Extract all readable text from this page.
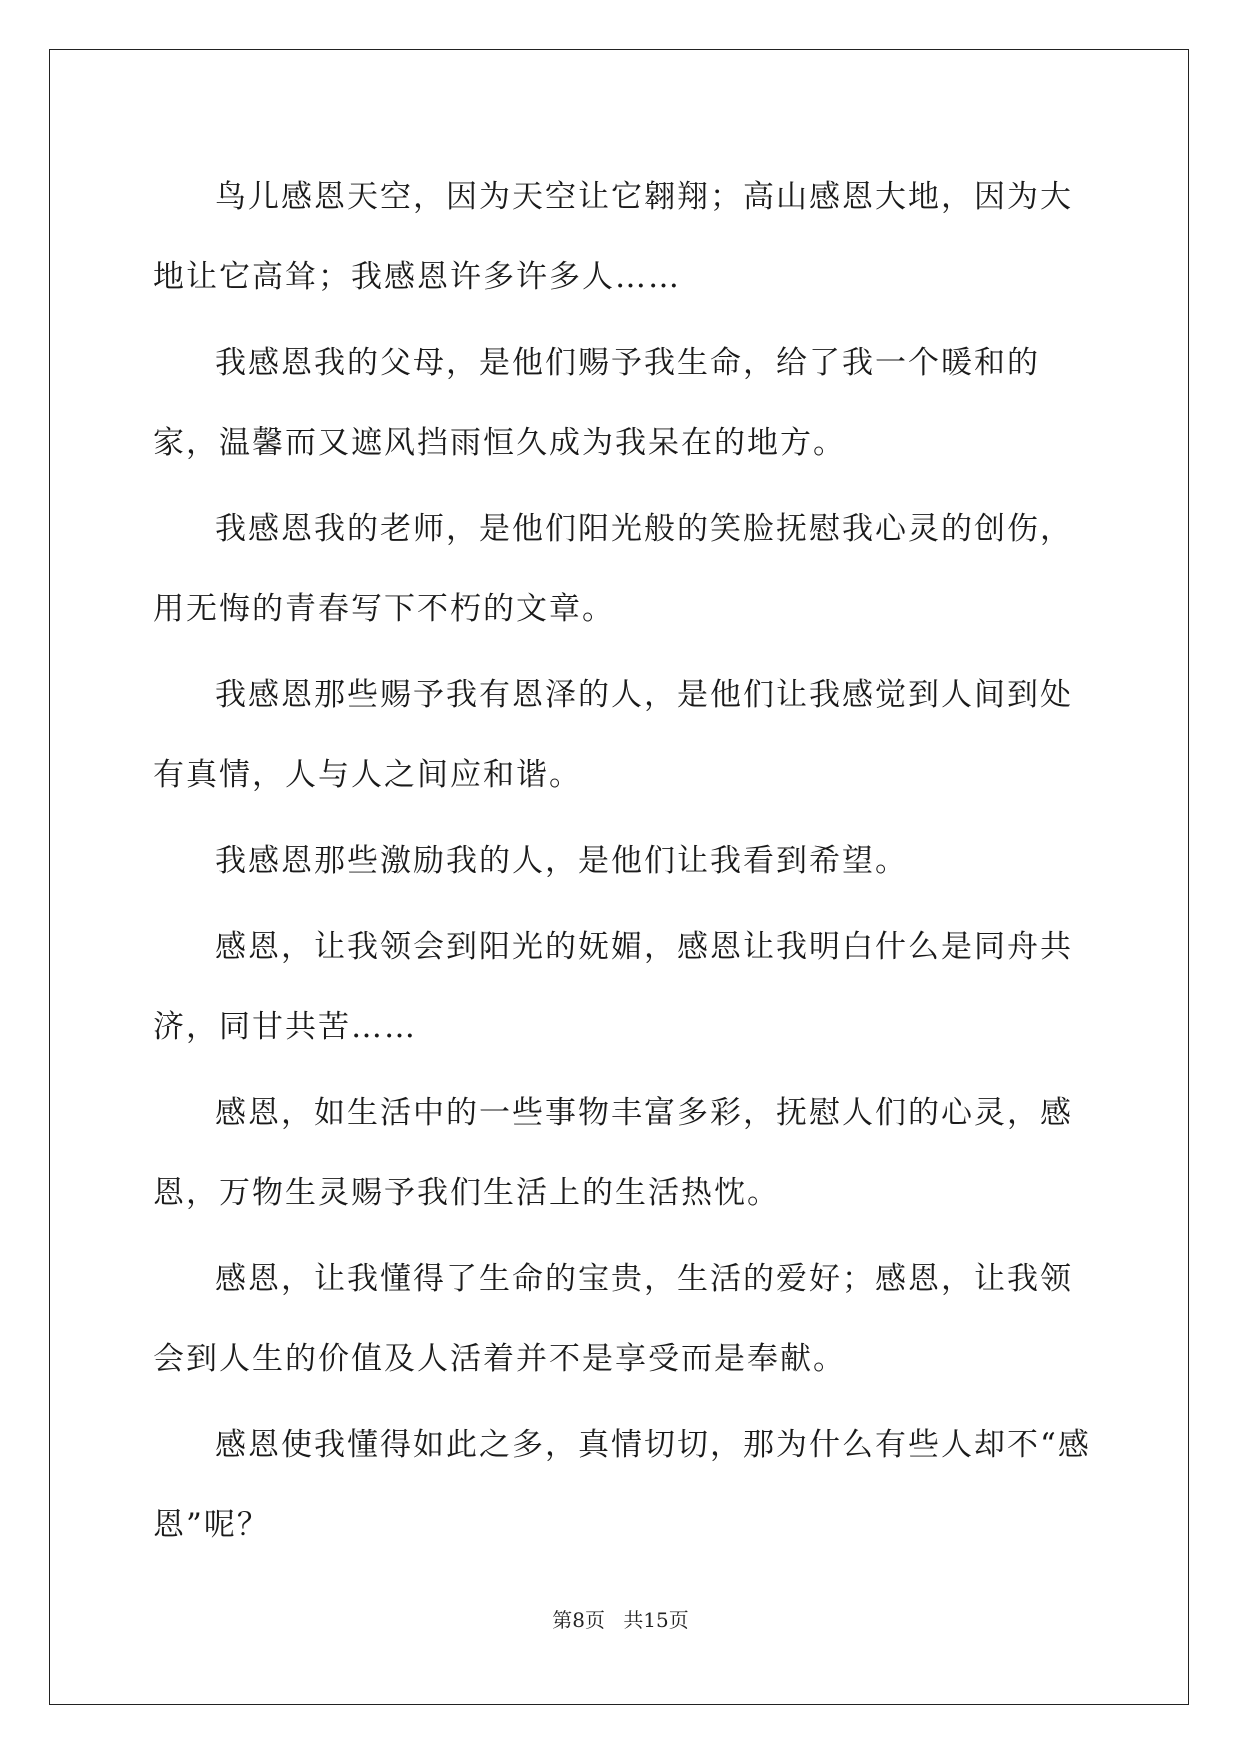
鸟儿感恩天空，因为天空让它翱翔；高山感恩大地，因为大地让它高耸；我感恩许多许多人……

我感恩我的父母，是他们赐予我生命，给了我一个暖和的家，温馨而又遮风挡雨恒久成为我呆在的地方。

我感恩我的老师，是他们阳光般的笑脸抚慰我心灵的创伤，用无悔的青春写下不朽的文章。

我感恩那些赐予我有恩泽的人，是他们让我感觉到人间到处有真情，人与人之间应和谐。

我感恩那些激励我的人，是他们让我看到希望。

感恩，让我领会到阳光的妩媚，感恩让我明白什么是同舟共济，同甘共苦……

感恩，如生活中的一些事物丰富多彩，抚慰人们的心灵，感恩，万物生灵赐予我们生活上的生活热忱。

感恩，让我懂得了生命的宝贵，生活的爱好；感恩，让我领会到人生的价值及人活着并不是享受而是奉献。

感恩使我懂得如此之多，真情切切，那为什么有些人却不“感恩”呢？

第8页 共15页
